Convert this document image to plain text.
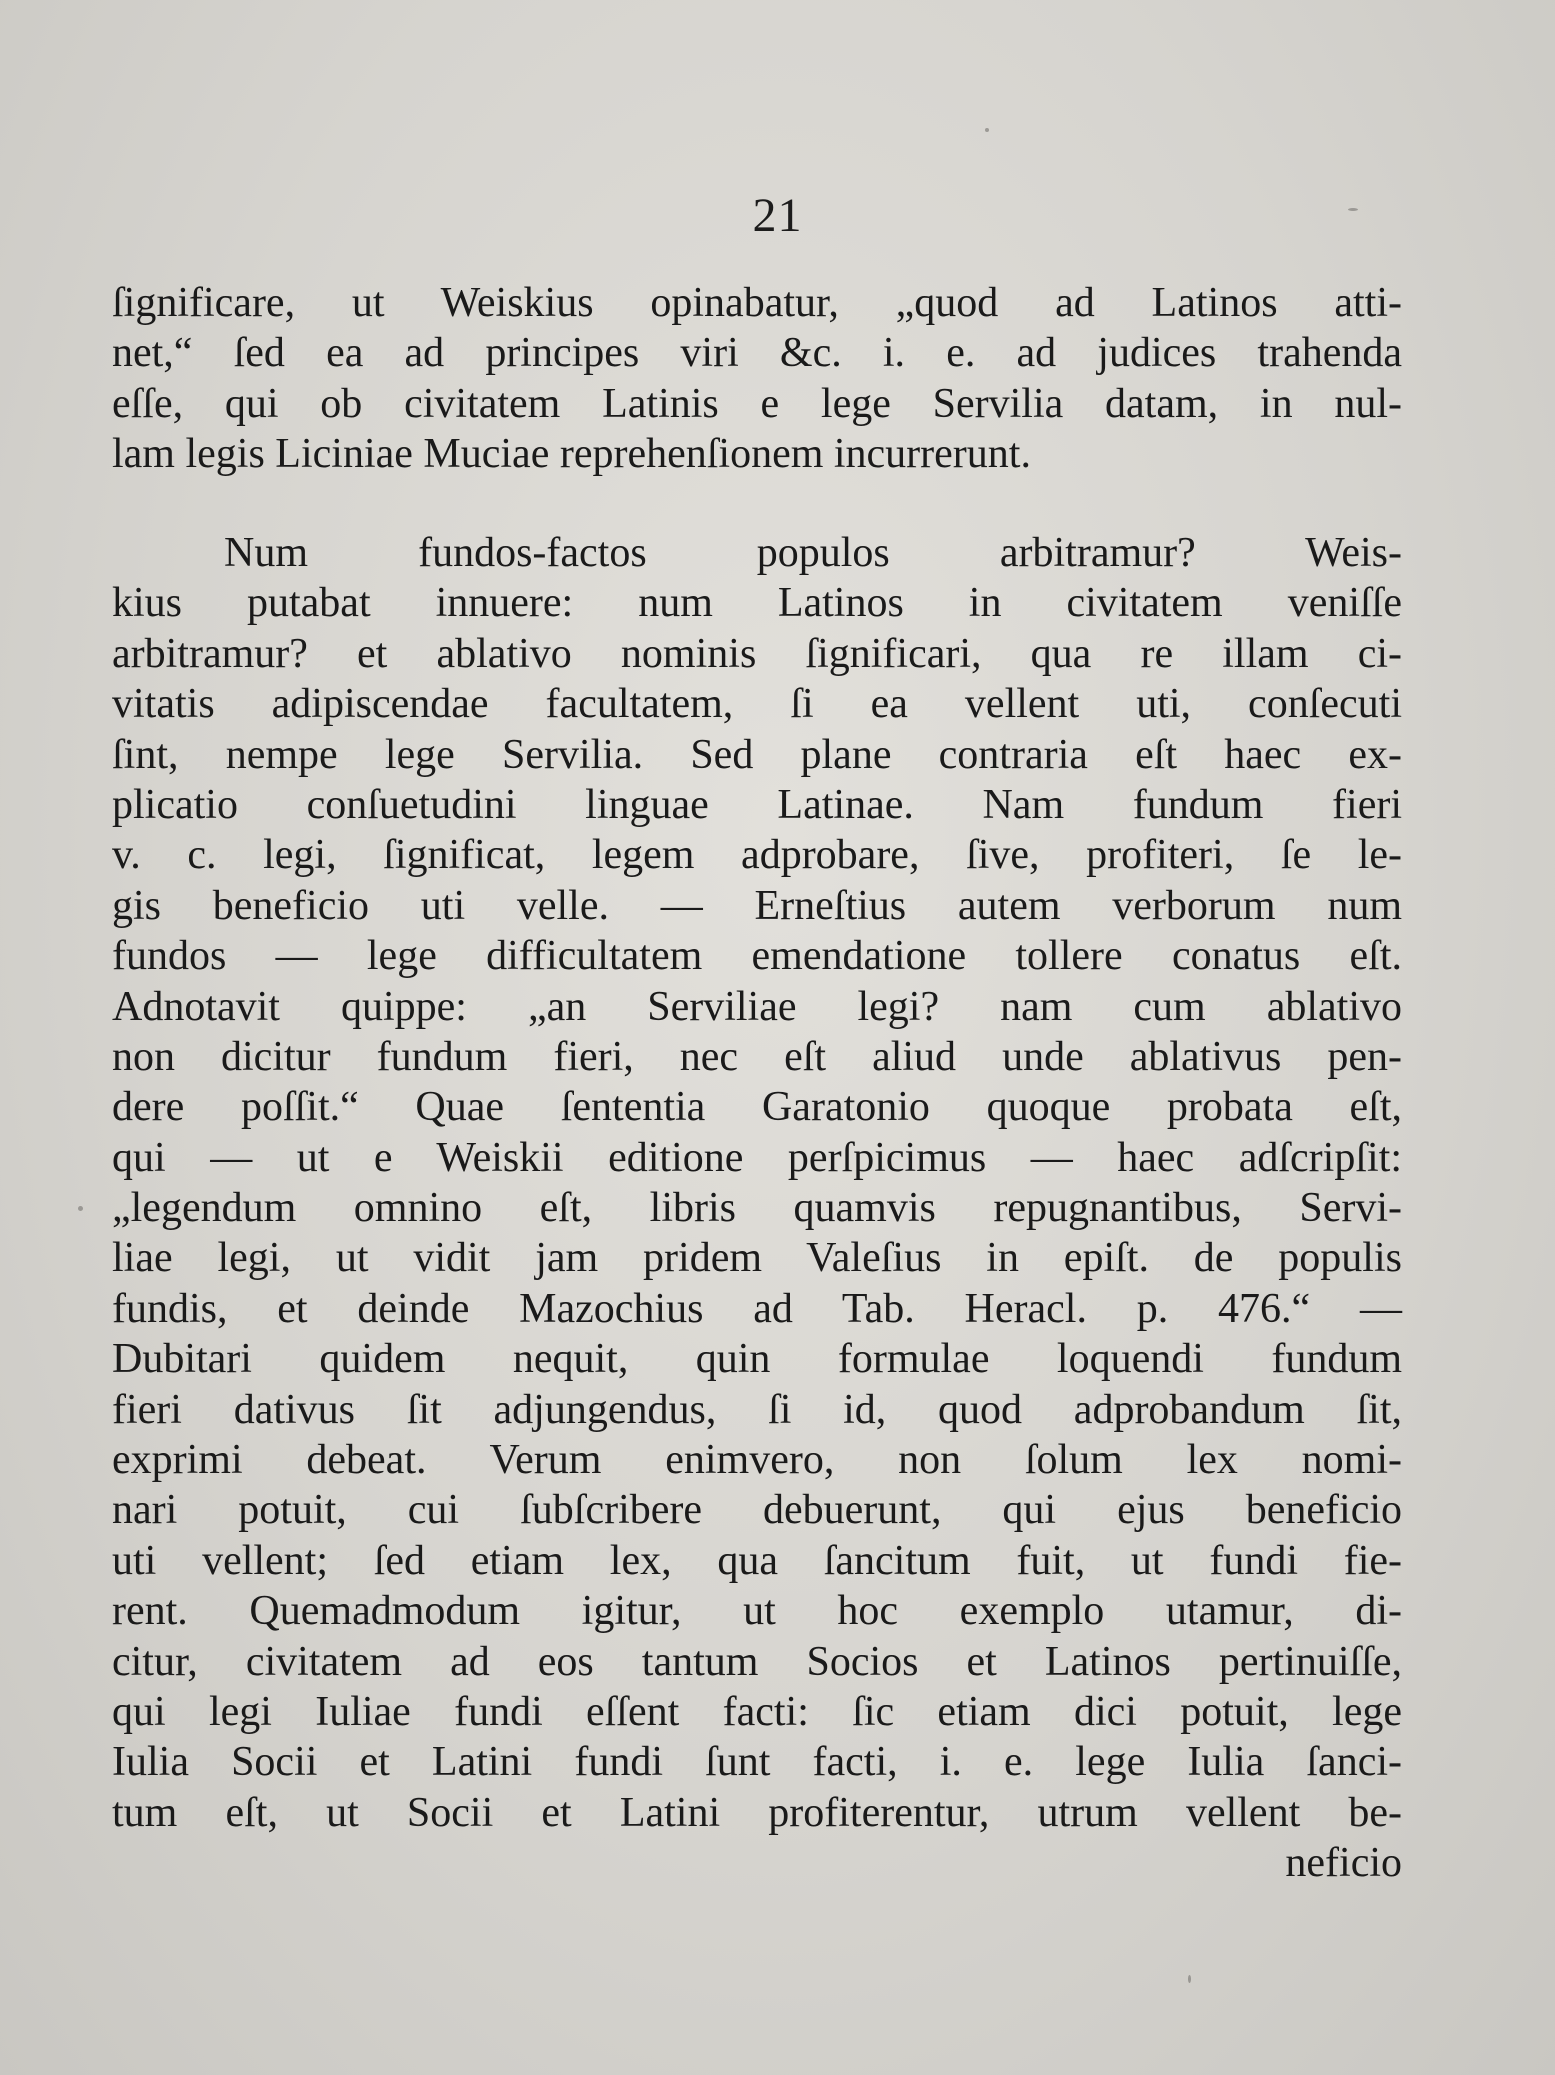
21
ſignificare, ut Weiskius opinabatur, „quod ad Latinos atti-
net,“ ſed ea ad principes viri &c. i. e. ad judices trahenda
eſſe, qui ob civitatem Latinis e lege Servilia datam, in nul-
lam legis Liciniae Muciae reprehenſionem incurrerunt.
Num fundos-factos populos arbitramur? Weis-
kius putabat innuere: num Latinos in civitatem veniſſe
arbitramur? et ablativo nominis ſignificari, qua re illam ci-
vitatis adipiscendae facultatem, ſi ea vellent uti, conſecuti
ſint, nempe lege Servilia. Sed plane contraria eſt haec ex-
plicatio conſuetudini linguae Latinae. Nam fundum fieri
v. c. legi, ſignificat, legem adprobare, ſive, profiteri, ſe le-
gis beneficio uti velle. — Erneſtius autem verborum num
fundos — lege difficultatem emendatione tollere conatus eſt.
Adnotavit quippe: „an Serviliae legi? nam cum ablativo
non dicitur fundum fieri, nec eſt aliud unde ablativus pen-
dere poſſit.“ Quae ſententia Garatonio quoque probata eſt,
qui — ut e Weiskii editione perſpicimus — haec adſcripſit:
„legendum omnino eſt, libris quamvis repugnantibus, Servi-
liae legi, ut vidit jam pridem Valeſius in epiſt. de populis
fundis, et deinde Mazochius ad Tab. Heracl. p. 476.“ —
Dubitari quidem nequit, quin formulae loquendi fundum
fieri dativus ſit adjungendus, ſi id, quod adprobandum ſit,
exprimi debeat. Verum enimvero, non ſolum lex nomi-
nari potuit, cui ſubſcribere debuerunt, qui ejus beneficio
uti vellent; ſed etiam lex, qua ſancitum fuit, ut fundi fie-
rent. Quemadmodum igitur, ut hoc exemplo utamur, di-
citur, civitatem ad eos tantum Socios et Latinos pertinuiſſe,
qui legi Iuliae fundi eſſent facti: ſic etiam dici potuit, lege
Iulia Socii et Latini fundi ſunt facti, i. e. lege Iulia ſanci-
tum eſt, ut Socii et Latini profiterentur, utrum vellent be-
neficio
